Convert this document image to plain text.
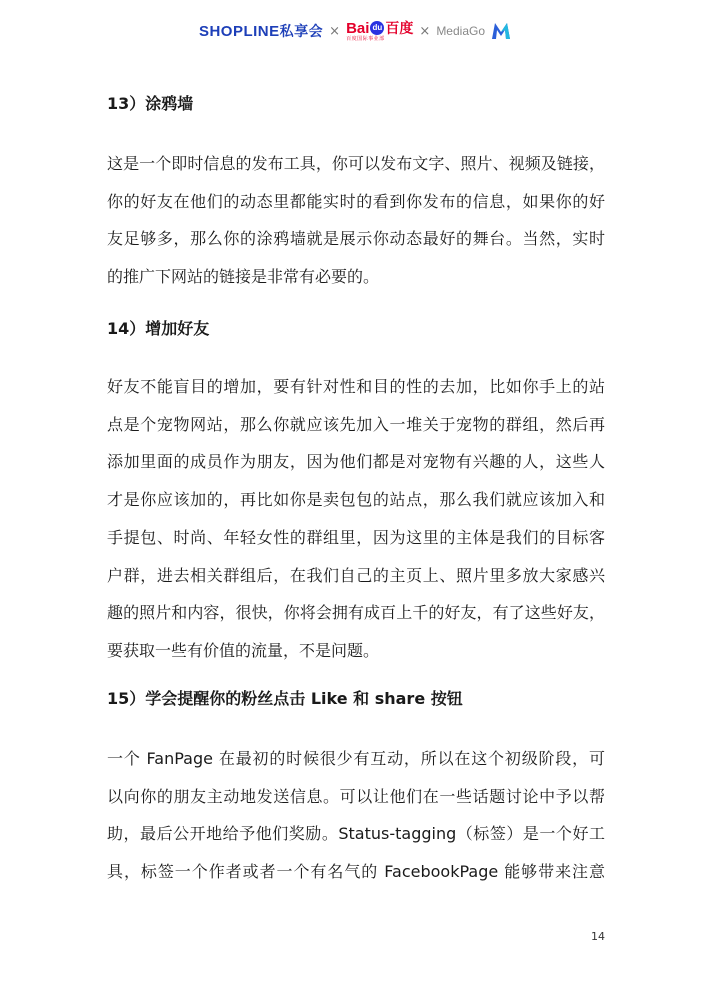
SHOPLINE私享会 × Bai du 百度
百度国际事业部	× MediaGo
13）涂鸦墙
这是一个即时信息的发布工具，你可以发布文字、照片、视频及链接，
你的好友在他们的动态里都能实时的看到你发布的信息，如果你的好
友足够多，那么你的涂鸦墙就是展示你动态最好的舞台。当然，实时
的推广下网站的链接是非常有必要的。
14）增加好友
好友不能盲目的增加，要有针对性和目的性的去加，比如你手上的站
点是个宠物网站，那么你就应该先加入一堆关于宠物的群组，然后再
添加里面的成员作为朋友，因为他们都是对宠物有兴趣的人，这些人
才是你应该加的，再比如你是卖包包的站点，那么我们就应该加入和
手提包、时尚、年轻女性的群组里，因为这里的主体是我们的目标客
户群，进去相关群组后，在我们自己的主页上、照片里多放大家感兴
趣的照片和内容，很快，你将会拥有成百上千的好友，有了这些好友，
要获取一些有价值的流量，不是问题。
15）学会提醒你的粉丝点击 Like 和 share 按钮
一个 FanPage 在最初的时候很少有互动，所以在这个初级阶段，可
以向你的朋友主动地发送信息。可以让他们在一些话题讨论中予以帮
助，最后公开地给予他们奖励。Status-tagging（标签）是一个好工
具，标签一个作者或者一个有名气的 FacebookPage 能够带来注意
14
